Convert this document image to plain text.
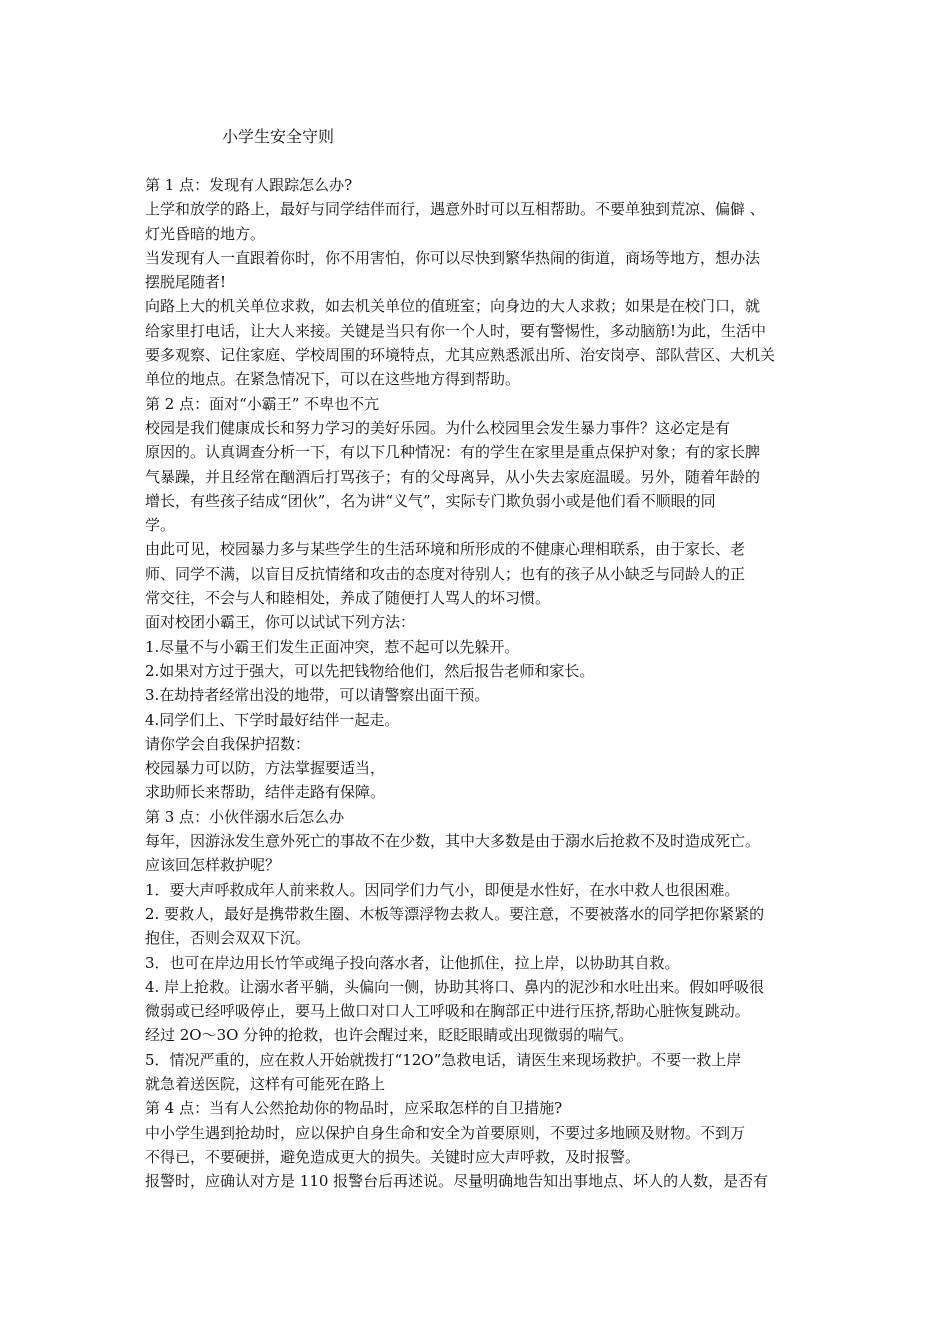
小学生安全守则
第 1 点：发现有人跟踪怎么办?
上学和放学的路上，最好与同学结伴而行，遇意外时可以互相帮助。不要单独到荒凉、偏僻 、
灯光昏暗的地方。
当发现有人一直跟着你时，你不用害怕，你可以尽快到繁华热闹的街道，商场等地方，想办法
摆脱尾随者!
向路上大的机关单位求救，如去机关单位的值班室；向身边的大人求救；如果是在校门口，就
给家里打电话，让大人来接。关键是当只有你一个人时，要有警惕性，多动脑筋!为此，生活中
要多观察、记住家庭、学校周围的环境特点，尤其应熟悉派出所、治安岗亭、部队营区、大机关
单位的地点。在紧急情况下，可以在这些地方得到帮助。
第 2 点：面对“小霸王” 不卑也不亢
校园是我们健康成长和努力学习的美好乐园。为什么校园里会发生暴力事件？这必定是有
原因的。认真调查分析一下，有以下几种情况：有的学生在家里是重点保护对象；有的家长脾
气暴躁，并且经常在酗酒后打骂孩子；有的父母离异，从小失去家庭温暖。另外，随着年龄的
增长，有些孩子结成“团伙”，名为讲“义气”，实际专门欺负弱小或是他们看不顺眼的同
学。
由此可见，校园暴力多与某些学生的生活环境和所形成的不健康心理相联系，由于家长、老
师、同学不满，以盲目反抗情绪和攻击的态度对待别人；也有的孩子从小缺乏与同龄人的正
常交往，不会与人和睦相处，养成了随便打人骂人的坏习惯。
面对校团小霸王，你可以试试下列方法：
1.尽量不与小霸王们发生正面冲突，惹不起可以先躲开。
2.如果对方过于强大，可以先把钱物给他们，然后报告老师和家长。
3.在劫持者经常出没的地带，可以请警察出面干预。
4.同学们上、下学时最好结伴一起走。
请你学会自我保护招数：
校园暴力可以防，方法掌握要适当，
求助师长来帮助，结伴走路有保障。
第 3 点：小伙伴溺水后怎么办
每年，因游泳发生意外死亡的事故不在少数，其中大多数是由于溺水后抢救不及时造成死亡。
应该回怎样救护呢？
1．要大声呼救成年人前来救人。因同学们力气小，即便是水性好，在水中救人也很困难。
2. 要救人，最好是携带救生圈、木板等漂浮物去救人。要注意，不要被落水的同学把你紧紧的
抱住，否则会双双下沉。
3．也可在岸边用长竹竿或绳子投向落水者，让他抓住，拉上岸，以协助其自救。
4. 岸上抢救。让溺水者平躺，头偏向一侧，协助其将口、鼻内的泥沙和水吐出来。假如呼吸很
微弱或已经呼吸停止，要马上做口对口人工呼吸和在胸部正中进行压挤,帮助心脏恢复跳动。
经过 2O～3O 分钟的抢救，也许会醒过来，眨眨眼睛或出现微弱的喘气。
5．情况严重的，应在救人开始就拨打“12O”急救电话，请医生来现场救护。不要一救上岸
就急着送医院，这样有可能死在路上
第 4 点：当有人公然抢劫你的物品时，应采取怎样的自卫措施?
中小学生遇到抢劫时，应以保护自身生命和安全为首要原则，不要过多地顾及财物。不到万
不得已，不要硬拼，避免造成更大的损失。关键时应大声呼救，及时报警。
报警时，应确认对方是 110 报警台后再述说。尽量明确地告知出事地点、坏人的人数，是否有
